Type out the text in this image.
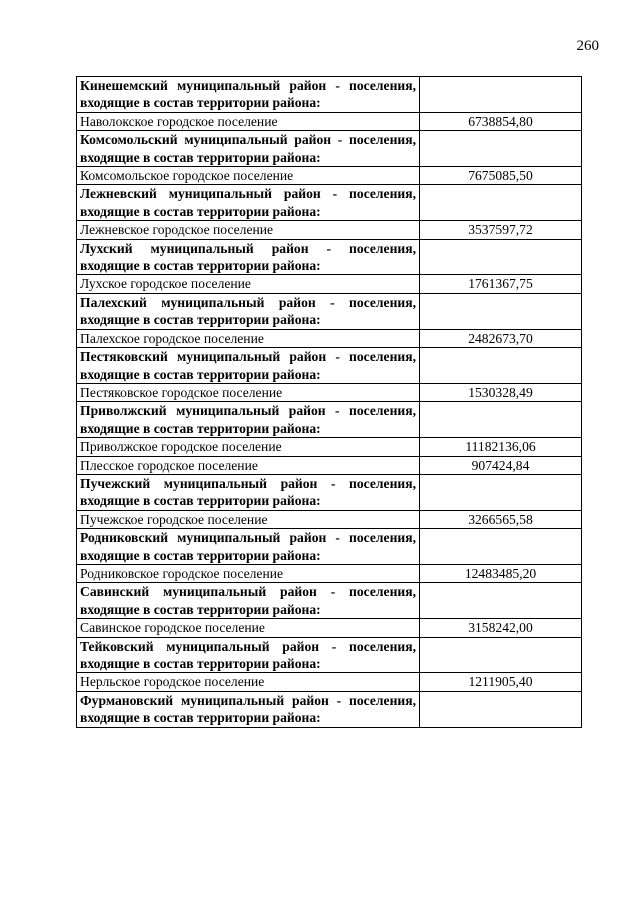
260
Кинешемский муниципальный район - поселения, входящие в состав территории района:	
Наволокское городское поселение	6738854,80
Комсомольский муниципальный район - поселения, входящие в состав территории района:	
Комсомольское городское поселение	7675085,50
Лежневский муниципальный район - поселения, входящие в состав территории района:	
Лежневское городское поселение	3537597,72
Лухский муниципальный район - поселения, входящие в состав территории района:	
Лухское городское поселение	1761367,75
Палехский муниципальный район - поселения, входящие в состав территории района:	
Палехское городское поселение	2482673,70
Пестяковский муниципальный район - поселения, входящие в состав территории района:	
Пестяковское городское поселение	1530328,49
Приволжский муниципальный район - поселения, входящие в состав территории района:	
Приволжское городское поселение	11182136,06
Плесское городское поселение	907424,84
Пучежский муниципальный район - поселения, входящие в состав территории района:	
Пучежское городское поселение	3266565,58
Родниковский муниципальный район - поселения, входящие в состав территории района:	
Родниковское городское поселение	12483485,20
Савинский муниципальный район - поселения, входящие в состав территории района:	
Савинское городское поселение	3158242,00
Тейковский муниципальный район - поселения, входящие в состав территории района:	
Нерльское городское поселение	1211905,40
Фурмановский муниципальный район - поселения, входящие в состав территории района:	
